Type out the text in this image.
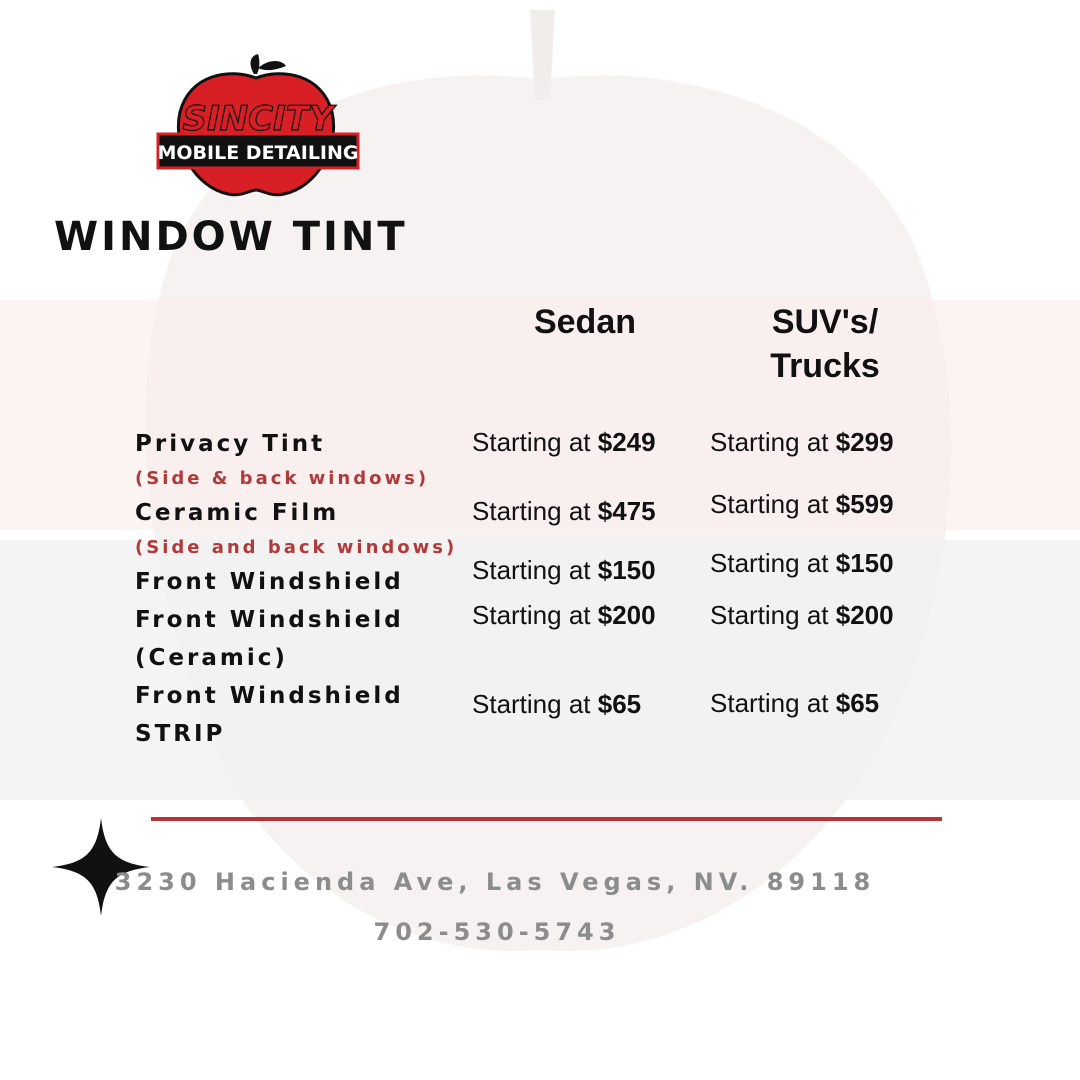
MOBILE DETAILING
SINCITY
WINDOW TINT
Sedan	SUV's/
Trucks
Privacy Tint
(Side & back windows)
Starting at $249 Starting at $299
Ceramic Film
(Side and back windows)
Starting at $475 Starting at $599
Front Windshield	Starting at $150 Starting at $150
Front Windshield
(Ceramic)
Starting at $200 Starting at $200
Front Windshield
STRIP
Starting at $65	Starting at $65
3230 Hacienda Ave, Las Vegas, NV. 89118
702-530-5743
